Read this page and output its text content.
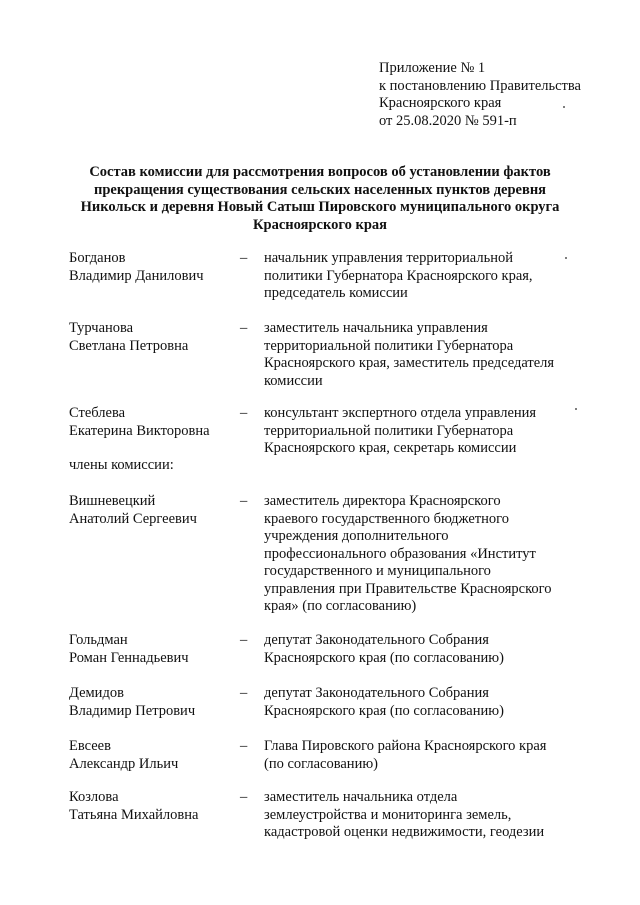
Приложение № 1
к постановлению Правительства
Красноярского края
от 25.08.2020 № 591-п
Состав комиссии для рассмотрения вопросов об установлении фактов
прекращения существования сельских населенных пунктов деревня
Никольск и деревня Новый Сатыш Пировского муниципального округа
Красноярского края
Богданов
Владимир Данилович
– начальник управления территориальной
политики Губернатора Красноярского края,
председатель комиссии
Турчанова
Светлана Петровна
– заместитель начальника управления
территориальной политики Губернатора
Красноярского края, заместитель председателя
комиссии
Стеблева
Екатерина Викторовна
– консультант экспертного отдела управления
территориальной политики Губернатора
Красноярского края, секретарь комиссии
члены комиссии:
Вишневецкий
Анатолий Сергеевич
– заместитель директора Красноярского
краевого государственного бюджетного
учреждения дополнительного
профессионального образования «Институт
государственного и муниципального
управления при Правительстве Красноярского
края» (по согласованию)
Гольдман
Роман Геннадьевич
– депутат Законодательного Собрания
Красноярского края (по согласованию)
Демидов
Владимир Петрович
– депутат Законодательного Собрания
Красноярского края (по согласованию)
Евсеев
Александр Ильич
– Глава Пировского района Красноярского края
(по согласованию)
Козлова
Татьяна Михайловна
– заместитель начальника отдела
землеустройства и мониторинга земель,
кадастровой оценки недвижимости, геодезии
